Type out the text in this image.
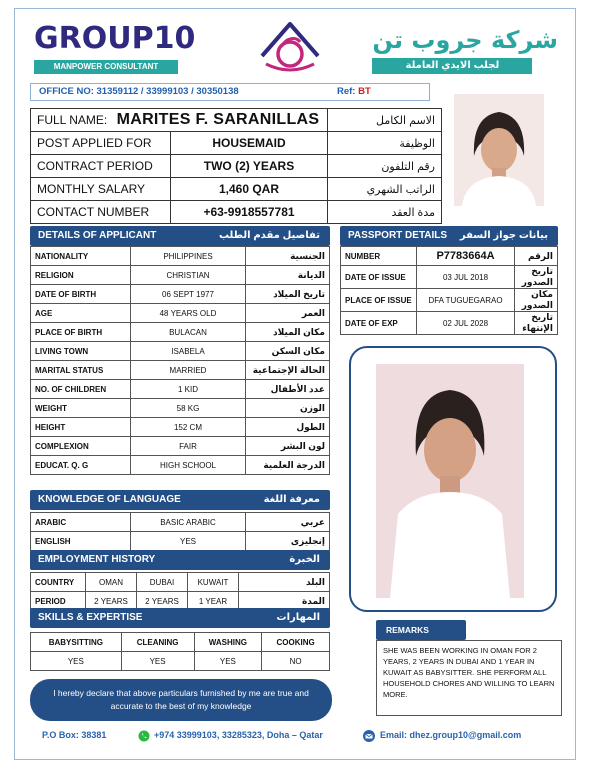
GROUP10
MANPOWER CONSULTANT
شركة جروب تن
لجلب الايدي العاملة
OFFICE NO: 31359112 / 33999103 / 30350138	Ref: BT
FULL NAME: MARITES F. SARANILLAS		الاسم الكامل
POST APPLIED FOR	HOUSEMAID	الوظيفة
CONTRACT PERIOD	TWO (2) YEARS	رقم التلفون
MONTHLY SALARY	1,460 QAR	الراتب الشهري
CONTACT NUMBER	+63-9918557781	مدة العقد
DETAILS OF APPLICANT	تفاصيل مقدم الطلب
NATIONALITY	PHILIPPINES	الجنسية
RELIGION	CHRISTIAN	الديانة
DATE OF BIRTH	06 SEPT 1977	تاريخ الميلاد
AGE	48 YEARS OLD	العمر
PLACE OF BIRTH	BULACAN	مكان الميلاد
LIVING TOWN	ISABELA	مكان السكن
MARITAL STATUS	MARRIED	الحالة الإجتماعية
NO. OF CHILDREN	1 KID	عدد الأطفال
WEIGHT	58 KG	الوزن
HEIGHT	152 CM	الطول
COMPLEXION	FAIR	لون البشر
EDUCAT. Q. G	HIGH SCHOOL	الدرجة العلمية
PASSPORT DETAILS بيانات جواز السفر
NUMBER	P7783664A	الرقم
DATE OF ISSUE	03 JUL 2018	تاريخ الصدور
PLACE OF ISSUE	DFA TUGUEGARAO	مكان الصدور
DATE OF EXP	02 JUL 2028	تاريخ الإنتهاء
KNOWLEDGE OF LANGUAGE	معرفة اللغة
ARABIC	BASIC ARABIC	عربي
ENGLISH	YES	إنجليزى
EMPLOYMENT HISTORY	الخبرة
COUNTRY	OMAN	DUBAI	KUWAIT	البلد
PERIOD	2 YEARS	2 YEARS	1 YEAR	المدة
SKILLS & EXPERTISE	المهارات
BABYSITTING	CLEANING	WASHING	COOKING
YES	YES	YES	NO
REMARKS
SHE WAS BEEN WORKING IN OMAN FOR 2 YEARS, 2 YEARS IN DUBAI AND 1 YEAR IN KUWAIT AS BABYSITTER. SHE PERFORM ALL HOUSEHOLD CHORES AND WILLING TO LEARN MORE.
I hereby declare that above particulars furnished by me are true and accurate to the best of my knowledge
P.O Box: 38381	+974 33999103, 33285323, Doha – Qatar	Email: dhez.group10@gmail.com
